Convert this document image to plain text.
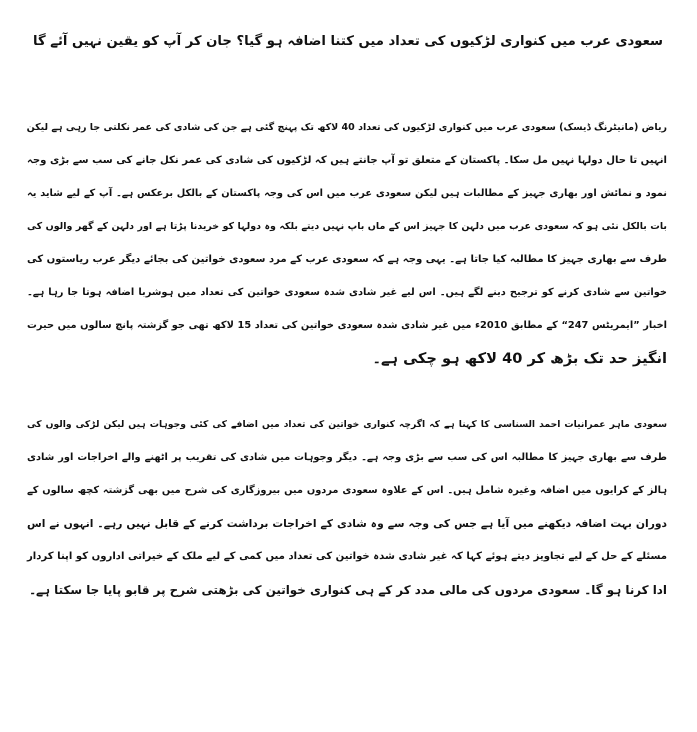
سعودی عرب میں کنواری لڑکیوں کی تعداد میں کتنا اضافہ ہو گیا؟ جان کر آپ کو یقین نہیں آئے گا
ریاض (مانیٹرنگ ڈیسک) سعودی عرب میں کنواری لڑکیوں کی تعداد 40 لاکھ تک پہنچ گئی ہے جن کی شادی کی عمر نکلتی جا رہی ہے لیکن
انہیں تا حال دولہا نہیں مل سکا۔ پاکستان کے متعلق تو آپ جانتے ہیں کہ لڑکیوں کی شادی کی عمر نکل جانے کی سب سے بڑی وجہ
نمود و نمائش اور بھاری جہیز کے مطالبات ہیں لیکن سعودی عرب میں اس کی وجہ پاکستان کے بالکل برعکس ہے۔ آپ کے لیے شاید یہ
بات بالکل نئی ہو کہ سعودی عرب میں دلہن کا جہیز اس کے ماں باپ نہیں دیتے بلکہ وہ دولہا کو خریدنا پڑتا ہے اور دلہن کے گھر والوں کی
طرف سے بھاری جہیز کا مطالبہ کیا جاتا ہے۔ یہی وجہ ہے کہ سعودی عرب کے مرد سعودی خواتین کی بجائے دیگر عرب ریاستوں کی
خواتین سے شادی کرنے کو ترجیح دینے لگے ہیں۔ اس لیے غیر شادی شدہ سعودی خواتین کی تعداد میں ہوشربا اضافہ ہوتا جا رہا ہے۔
اخبار ”ایمریٹس 247“ کے مطابق 2010ء میں غیر شادی شدہ سعودی خواتین کی تعداد 15 لاکھ تھی جو گزشتہ پانچ سالوں میں حیرت
انگیز حد تک بڑھ کر 40 لاکھ ہو چکی ہے۔
سعودی ماہر عمرانیات احمد السناسی کا کہنا ہے کہ اگرچہ کنواری خواتین کی تعداد میں اضافے کی کئی وجوہات ہیں لیکن لڑکی والوں کی
طرف سے بھاری جہیز کا مطالبہ اس کی سب سے بڑی وجہ ہے۔ دیگر وجوہات میں شادی کی تقریب پر اٹھنے والے اخراجات اور شادی
ہالز کے کرایوں میں اضافہ وغیرہ شامل ہیں۔ اس کے علاوہ سعودی مردوں میں بیروزگاری کی شرح میں بھی گزشتہ کچھ سالوں کے
دوران بہت اضافہ دیکھنے میں آیا ہے جس کی وجہ سے وہ شادی کے اخراجات برداشت کرنے کے قابل نہیں رہے۔ انہوں نے اس
مسئلے کے حل کے لیے تجاویز دیتے ہوئے کہا کہ غیر شادی شدہ خواتین کی تعداد میں کمی کے لیے ملک کے خیراتی اداروں کو اپنا کردار
ادا کرنا ہو گا۔ سعودی مردوں کی مالی مدد کر کے ہی کنواری خواتین کی بڑھتی شرح پر قابو پایا جا سکتا ہے۔
